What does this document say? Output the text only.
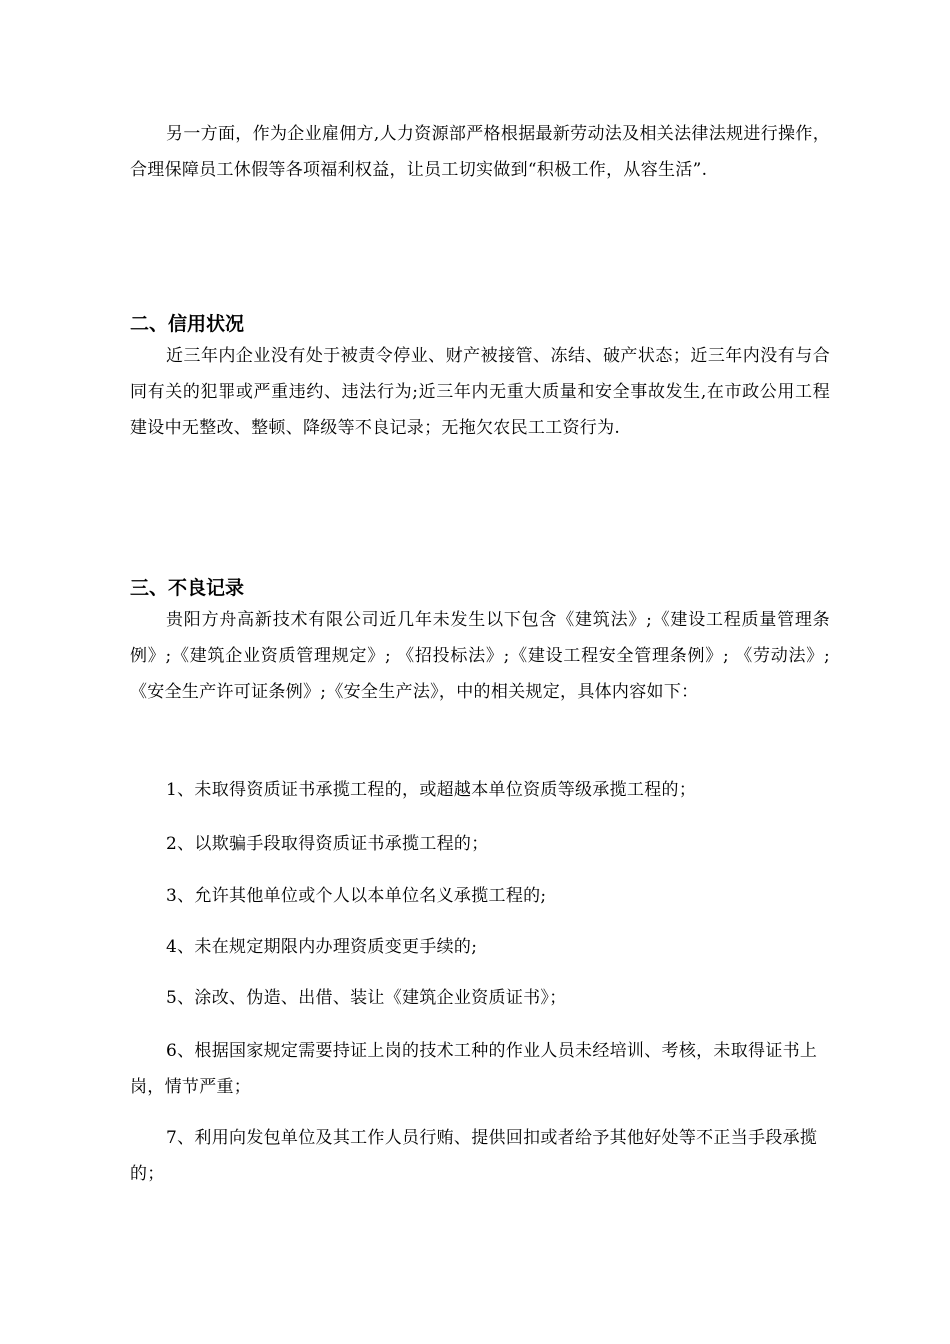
另一方面，作为企业雇佣方,人力资源部严格根据最新劳动法及相关法律法规进行操作，合理保障员工休假等各项福利权益，让员工切实做到“积极工作，从容生活”.

二、信用状况

近三年内企业没有处于被责令停业、财产被接管、冻结、破产状态；近三年内没有与合同有关的犯罪或严重违约、违法行为;近三年内无重大质量和安全事故发生,在市政公用工程建设中无整改、整顿、降级等不良记录；无拖欠农民工工资行为.

三、不良记录

贵阳方舟高新技术有限公司近几年未发生以下包含《建筑法》;《建设工程质量管理条例》;《建筑企业资质管理规定》; 《招投标法》;《建设工程安全管理条例》; 《劳动法》; 《安全生产许可证条例》;《安全生产法》，中的相关规定，具体内容如下：

1、未取得资质证书承揽工程的，或超越本单位资质等级承揽工程的；

2、以欺骗手段取得资质证书承揽工程的；

3、允许其他单位或个人以本单位名义承揽工程的;

4、未在规定期限内办理资质变更手续的;

5、涂改、伪造、出借、装让《建筑企业资质证书》；

6、根据国家规定需要持证上岗的技术工种的作业人员未经培训、考核，未取得证书上岗，情节严重；

7、利用向发包单位及其工作人员行贿、提供回扣或者给予其他好处等不正当手段承揽的；
